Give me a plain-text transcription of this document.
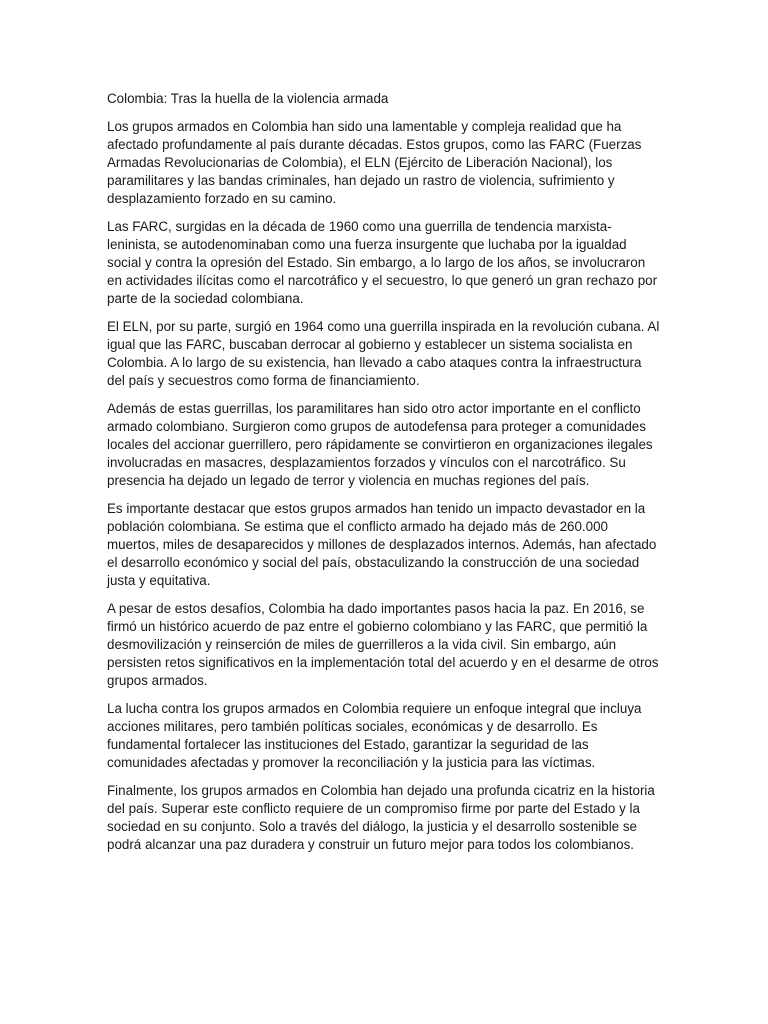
Colombia: Tras la huella de la violencia armada

Los grupos armados en Colombia han sido una lamentable y compleja realidad que ha afectado profundamente al país durante décadas. Estos grupos, como las FARC (Fuerzas Armadas Revolucionarias de Colombia), el ELN (Ejército de Liberación Nacional), los paramilitares y las bandas criminales, han dejado un rastro de violencia, sufrimiento y desplazamiento forzado en su camino.

Las FARC, surgidas en la década de 1960 como una guerrilla de tendencia marxista-leninista, se autodenominaban como una fuerza insurgente que luchaba por la igualdad social y contra la opresión del Estado. Sin embargo, a lo largo de los años, se involucraron en actividades ilícitas como el narcotráfico y el secuestro, lo que generó un gran rechazo por parte de la sociedad colombiana.

El ELN, por su parte, surgió en 1964 como una guerrilla inspirada en la revolución cubana. Al igual que las FARC, buscaban derrocar al gobierno y establecer un sistema socialista en Colombia. A lo largo de su existencia, han llevado a cabo ataques contra la infraestructura del país y secuestros como forma de financiamiento.

Además de estas guerrillas, los paramilitares han sido otro actor importante en el conflicto armado colombiano. Surgieron como grupos de autodefensa para proteger a comunidades locales del accionar guerrillero, pero rápidamente se convirtieron en organizaciones ilegales involucradas en masacres, desplazamientos forzados y vínculos con el narcotráfico. Su presencia ha dejado un legado de terror y violencia en muchas regiones del país.

Es importante destacar que estos grupos armados han tenido un impacto devastador en la población colombiana. Se estima que el conflicto armado ha dejado más de 260.000 muertos, miles de desaparecidos y millones de desplazados internos. Además, han afectado el desarrollo económico y social del país, obstaculizando la construcción de una sociedad justa y equitativa.

A pesar de estos desafíos, Colombia ha dado importantes pasos hacia la paz. En 2016, se firmó un histórico acuerdo de paz entre el gobierno colombiano y las FARC, que permitió la desmovilización y reinserción de miles de guerrilleros a la vida civil. Sin embargo, aún persisten retos significativos en la implementación total del acuerdo y en el desarme de otros grupos armados.

La lucha contra los grupos armados en Colombia requiere un enfoque integral que incluya acciones militares, pero también políticas sociales, económicas y de desarrollo. Es fundamental fortalecer las instituciones del Estado, garantizar la seguridad de las comunidades afectadas y promover la reconciliación y la justicia para las víctimas.

Finalmente, los grupos armados en Colombia han dejado una profunda cicatriz en la historia del país. Superar este conflicto requiere de un compromiso firme por parte del Estado y la sociedad en su conjunto. Solo a través del diálogo, la justicia y el desarrollo sostenible se podrá alcanzar una paz duradera y construir un futuro mejor para todos los colombianos.
